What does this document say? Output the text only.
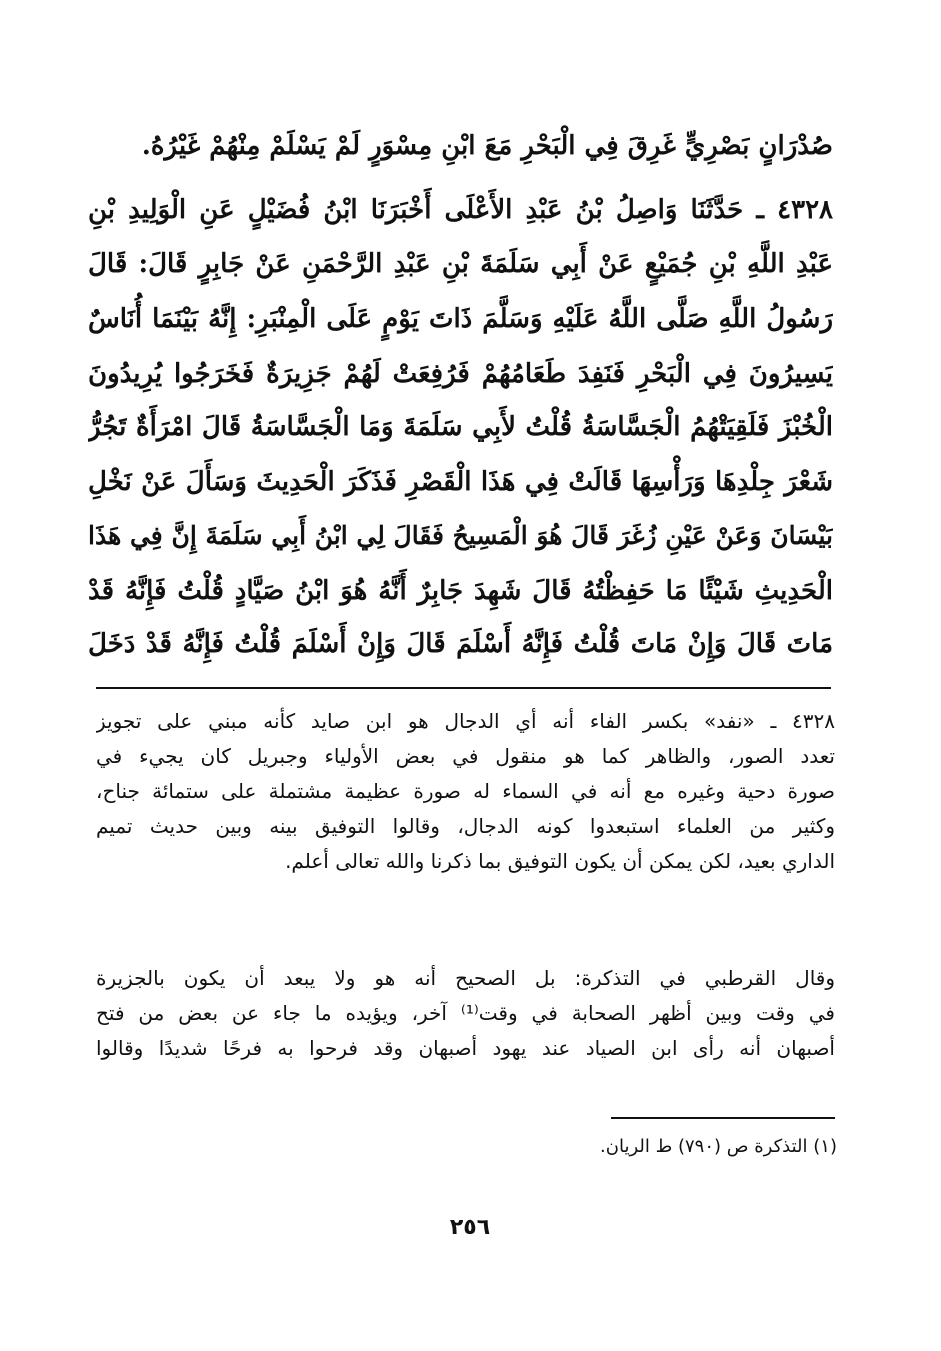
صُدْرَانٍ بَصْرِيٍّ غَرِقَ فِي الْبَحْرِ مَعَ ابْنِ مِسْوَرٍ لَمْ يَسْلَمْ مِنْهُمْ غَيْرُهُ.
٤٣٢٨ ـ حَدَّثَنَا وَاصِلُ بْنُ عَبْدِ الأَعْلَى أَخْبَرَنَا ابْنُ فُضَيْلٍ عَنِ الْوَلِيدِ بْنِ
عَبْدِ اللَّهِ بْنِ جُمَيْعٍ عَنْ أَبِي سَلَمَةَ بْنِ عَبْدِ الرَّحْمَنِ عَنْ جَابِرٍ قَالَ: قَالَ
رَسُولُ اللَّهِ صَلَّى اللَّهُ عَلَيْهِ وَسَلَّمَ ذَاتَ يَوْمٍ عَلَى الْمِنْبَرِ: إِنَّهُ بَيْنَمَا أُنَاسٌ
يَسِيرُونَ فِي الْبَحْرِ فَنَفِدَ طَعَامُهُمْ فَرُفِعَتْ لَهُمْ جَزِيرَةٌ فَخَرَجُوا يُرِيدُونَ
الْخُبْزَ فَلَقِيَتْهُمُ الْجَسَّاسَةُ قُلْتُ لأَبِي سَلَمَةَ وَمَا الْجَسَّاسَةُ قَالَ امْرَأَةٌ تَجُرُّ
شَعْرَ جِلْدِهَا وَرَأْسِهَا قَالَتْ فِي هَذَا الْقَصْرِ فَذَكَرَ الْحَدِيثَ وَسَأَلَ عَنْ نَخْلِ
بَيْسَانَ وَعَنْ عَيْنِ زُغَرَ قَالَ هُوَ الْمَسِيحُ فَقَالَ لِي ابْنُ أَبِي سَلَمَةَ إِنَّ فِي هَذَا
الْحَدِيثِ شَيْئًا مَا حَفِظْتُهُ قَالَ شَهِدَ جَابِرٌ أَنَّهُ هُوَ ابْنُ صَيَّادٍ قُلْتُ فَإِنَّهُ قَدْ
مَاتَ قَالَ وَإِنْ مَاتَ قُلْتُ فَإِنَّهُ أَسْلَمَ قَالَ وَإِنْ أَسْلَمَ قُلْتُ فَإِنَّهُ قَدْ دَخَلَ
٤٣٢٨ ـ «نفد» بكسر الفاء أنه أي الدجال هو ابن صايد كأنه مبني على تجويز
تعدد الصور، والظاهر كما هو منقول في بعض الأولياء وجبريل كان يجيء في
صورة دحية وغيره مع أنه في السماء له صورة عظيمة مشتملة على ستمائة جناح،
وكثير من العلماء استبعدوا كونه الدجال، وقالوا التوفيق بينه وبين حديث تميم
الداري بعيد، لكن يمكن أن يكون التوفيق بما ذكرنا والله تعالى أعلم.
وقال القرطبي في التذكرة: بل الصحيح أنه هو ولا يبعد أن يكون بالجزيرة
في وقت وبين أظهر الصحابة في وقت⁽¹⁾ آخر، ويؤيده ما جاء عن بعض من فتح
أصبهان أنه رأى ابن الصياد عند يهود أصبهان وقد فرحوا به فرحًا شديدًا وقالوا
(١) التذكرة ص (٧٩٠) ط الريان.
٢٥٦
